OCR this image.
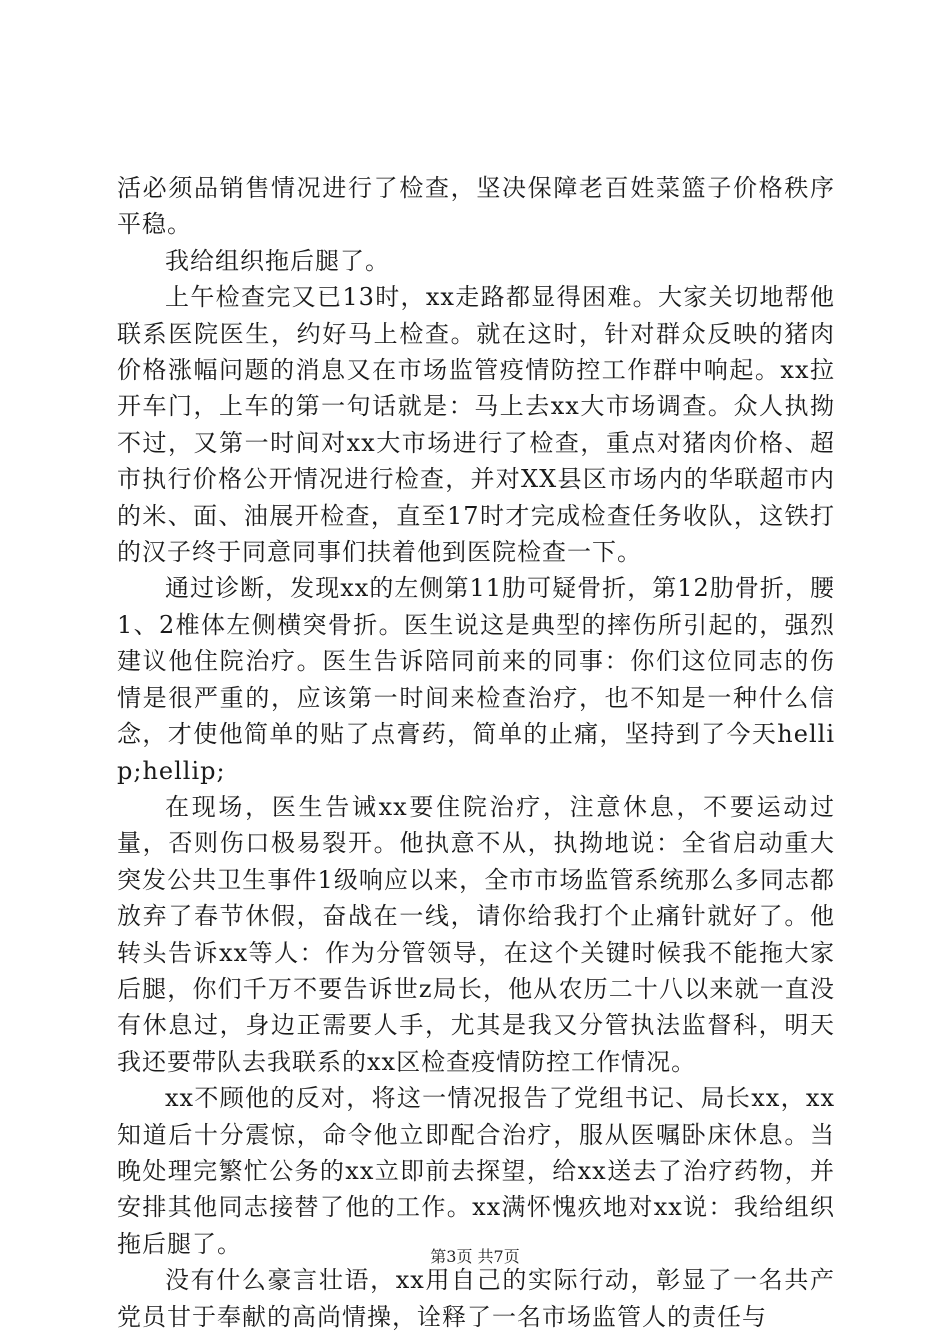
活必须品销售情况进行了检查，坚决保障老百姓菜篮子价格秩序平稳。

我给组织拖后腿了。

上午检查完又已13时，xx走路都显得困难。大家关切地帮他联系医院医生，约好马上检查。就在这时，针对群众反映的猪肉价格涨幅问题的消息又在市场监管疫情防控工作群中响起。xx拉开车门，上车的第一句话就是：马上去xx大市场调查。众人执拗不过，又第一时间对xx大市场进行了检查，重点对猪肉价格、超市执行价格公开情况进行检查，并对XX县区市场内的华联超市内的米、面、油展开检查，直至17时才完成检查任务收队，这铁打的汉子终于同意同事们扶着他到医院检查一下。

通过诊断，发现xx的左侧第11肋可疑骨折，第12肋骨折，腰1、2椎体左侧横突骨折。医生说这是典型的摔伤所引起的，强烈建议他住院治疗。医生告诉陪同前来的同事：你们这位同志的伤情是很严重的，应该第一时间来检查治疗，也不知是一种什么信念，才使他简单的贴了点膏药，简单的止痛，坚持到了今天hellip;hellip;

在现场，医生告诫xx要住院治疗，注意休息，不要运动过量，否则伤口极易裂开。他执意不从，执拗地说：全省启动重大突发公共卫生事件1级响应以来，全市市场监管系统那么多同志都放弃了春节休假，奋战在一线，请你给我打个止痛针就好了。他转头告诉xx等人：作为分管领导，在这个关键时候我不能拖大家后腿，你们千万不要告诉世z局长，他从农历二十八以来就一直没有休息过，身边正需要人手，尤其是我又分管执法监督科，明天我还要带队去我联系的xx区检查疫情防控工作情况。

xx不顾他的反对，将这一情况报告了党组书记、局长xx，xx知道后十分震惊，命令他立即配合治疗，服从医嘱卧床休息。当晚处理完繁忙公务的xx立即前去探望，给xx送去了治疗药物，并安排其他同志接替了他的工作。xx满怀愧疚地对xx说：我给组织拖后腿了。

没有什么豪言壮语，xx用自己的实际行动，彰显了一名共产党员甘于奉献的高尚情操，诠释了一名市场监管人的责任与

第3页 共7页
